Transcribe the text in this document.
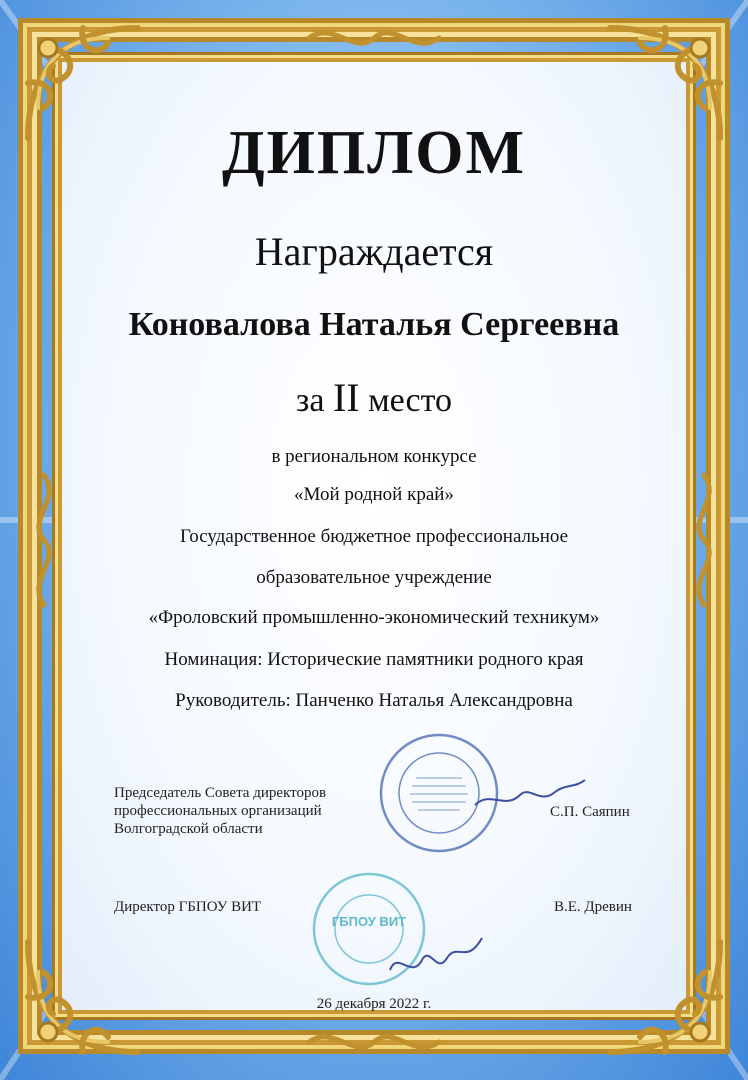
ДИПЛОМ
Награждается
Коновалова Наталья Сергеевна
за II место
в региональном конкурсе
«Мой родной край»
Государственное бюджетное профессиональное
образовательное учреждение
«Фроловский промышленно-экономический техникум»
Номинация: Исторические памятники родного края
Руководитель: Панченко Наталья Александровна
Председатель Совета директоров
профессиональных организаций
Волгоградской области
С.П. Саяпин
ГБПОУ ВИТ
Директор ГБПОУ ВИТ	В.Е. Древин
26 декабря 2022 г.
